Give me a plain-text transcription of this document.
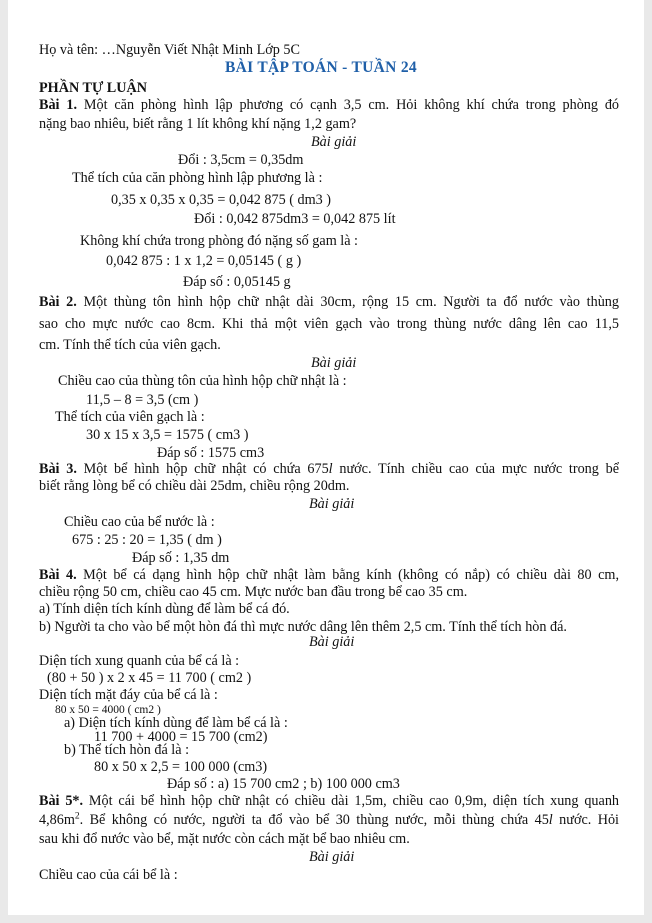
Họ và tên: …Nguyễn Viết Nhật Minh Lớp 5C
BÀI TẬP TOÁN - TUẦN 24
PHẦN TỰ LUẬN
Bài 1. Một căn phòng hình lập phương có cạnh 3,5 cm. Hỏi không khí chứa trong phòng đó
nặng bao nhiêu, biết rằng 1 lít không khí nặng 1,2 gam?
Bài giải
Đổi : 3,5cm = 0,35dm
Thể tích của căn phòng hình lập phương là :
0,35 x 0,35 x 0,35 = 0,042 875 ( dm3 )
Đổi : 0,042 875dm3 = 0,042 875 lít
Không khí chứa trong phòng đó nặng số gam là :
0,042 875 : 1 x 1,2 = 0,05145 ( g )
Đáp số : 0,05145 g
Bài 2. Một thùng tôn hình hộp chữ nhật dài 30cm, rộng 15 cm. Người ta đổ nước vào thùng
sao cho mực nước cao 8cm. Khi thả một viên gạch vào trong thùng nước dâng lên cao 11,5
cm. Tính thể tích của viên gạch.
Bài giải
Chiều cao của thùng tôn của hình hộp chữ nhật là :
11,5 – 8 = 3,5 (cm )
Thể tích của viên gạch là :
30 x 15 x 3,5 = 1575 ( cm3 )
Đáp số : 1575 cm3
Bài 3. Một bể hình hộp chữ nhật có chứa 675l nước. Tính chiều cao của mực nước trong bể
biết rằng lòng bể có chiều dài 25dm, chiều rộng 20dm.
Bài giải
Chiều cao của bể nước là :
675 : 25 : 20 = 1,35 ( dm )
Đáp số : 1,35 dm
Bài 4. Một bể cá dạng hình hộp chữ nhật làm bằng kính (không có nắp) có chiều dài 80 cm,
chiều rộng 50 cm, chiều cao 45 cm. Mực nước ban đầu trong bể cao 35 cm.
a) Tính diện tích kính dùng để làm bể cá đó.
b) Người ta cho vào bể một hòn đá thì mực nước dâng lên thêm 2,5 cm. Tính thể tích hòn đá.
Bài giải
Diện tích xung quanh của bể cá là :
(80 + 50 ) x 2 x 45 = 11 700 ( cm2 )
Diện tích mặt đáy của bể cá là :
80 x 50 = 4000 ( cm2 )
a) Diện tích kính dùng để làm bể cá là :
11 700 + 4000 = 15 700 (cm2)
b) Thể tích hòn đá là :
80 x 50 x 2,5 = 100 000 (cm3)
Đáp số : a) 15 700 cm2 ; b) 100 000 cm3
Bài 5*. Một cái bể hình hộp chữ nhật có chiều dài 1,5m, chiều cao 0,9m, diện tích xung quanh
$4,86m^2$. Bể không có nước, người ta đổ vào bể 30 thùng nước, mỗi thùng chứa 45l nước. Hỏi
sau khi đổ nước vào bể, mặt nước còn cách mặt bể bao nhiêu cm.
Bài giải
Chiều cao của cái bể là :
